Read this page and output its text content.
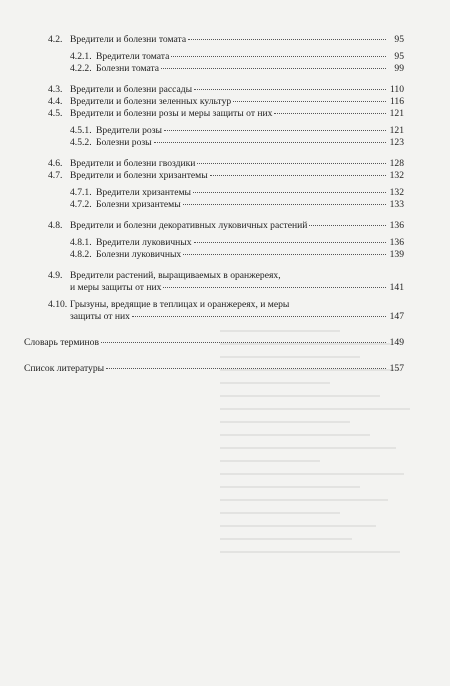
4.2. Вредители и болезни томата	95
4.2.1. Вредители томата	95
4.2.2. Болезни томата	99
4.3. Вредители и болезни рассады	110
4.4. Вредители и болезни зеленных культур	116
4.5. Вредители и болезни розы и меры защиты от них	121
4.5.1. Вредители розы	121
4.5.2. Болезни розы	123
4.6. Вредители и болезни гвоздики	128
4.7. Вредители и болезни хризантемы	132
4.7.1. Вредители хризантемы	132
4.7.2. Болезни хризантемы	133
4.8. Вредители и болезни декоративных луковичных растений	136
4.8.1. Вредители луковичных	136
4.8.2. Болезни луковичных	139
4.9. Вредители растений, выращиваемых в оранжереях,
и меры защиты от них	141
4.10. Грызуны, вредящие в теплицах и оранжереях, и меры
защиты от них	147
Словарь терминов	149
Список литературы	157
